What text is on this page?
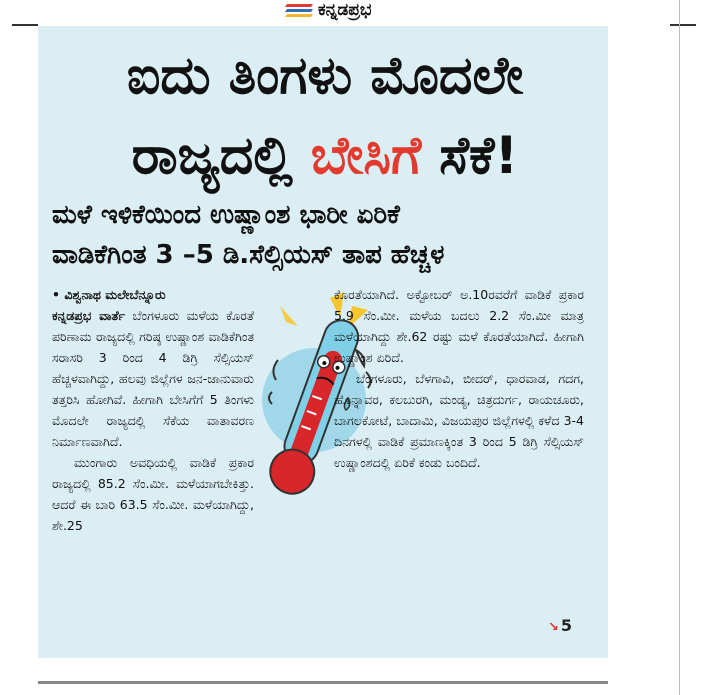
ಕನ್ನಡಪ್ರಭ
ಐದು ತಿಂಗಳು ಮೊದಲೇ
ರಾಜ್ಯದಲ್ಲಿ ಬೇಸಿಗೆ ಸೆಕೆ!
ಮಳೆ ಇಳಿಕೆಯಿಂದ ಉಷ್ಣಾಂಶ ಭಾರೀ ಏರಿಕೆ
ವಾಡಿಕೆಗಿಂತ 3 –5 ಡಿ.ಸೆಲ್ಸಿಯಸ್ ತಾಪ ಹೆಚ್ಚಳ

• ವಿಶ್ವನಾಥ ಮಲೇಬೆನ್ನೂರು

ಕನ್ನಡಪ್ರಭ ವಾರ್ತೆ ಬೆಂಗಳೂರು ಮಳೆಯ ಕೊರತೆ ಪರಿಣಾಮ ರಾಜ್ಯದಲ್ಲಿ ಗರಿಷ್ಠ ಉಷ್ಣಾಂಶ ವಾಡಿಕೆಗಿಂತ ಸರಾಸರಿ 3 ರಿಂದ 4 ಡಿಗ್ರಿ ಸೆಲ್ಸಿಯಸ್ ಹೆಚ್ಚಳವಾಗಿದ್ದು, ಹಲವು ಜಿಲ್ಲೆಗಳ ಜನ-ಜಾನುವಾರು ತತ್ತರಿಸಿ ಹೋಗಿವೆ. ಹೀಗಾಗಿ ಬೇಸಿಗೆಗೆ 5 ತಿಂಗಳು ಮೊದಲೇ ರಾಜ್ಯದಲ್ಲಿ ಸೆಕೆಯ ವಾತಾವರಣ ನಿರ್ಮಾಣವಾಗಿದೆ.

ಮುಂಗಾರು ಅವಧಿಯಲ್ಲಿ ವಾಡಿಕೆ ಪ್ರಕಾರ ರಾಜ್ಯದಲ್ಲಿ 85.2 ಸೆಂ.ಮೀ. ಮಳೆಯಾಗಬೇಕಿತ್ತು. ಆದರೆ ಈ ಬಾರಿ 63.5 ಸೆಂ.ಮೀ. ಮಳೆಯಾಗಿದ್ದು, ಶೇ.25

ಕೊರತೆಯಾಗಿದೆ. ಅಕ್ಟೋಬರ್ ಅ.10ರವರೆಗೆ ವಾಡಿಕೆ ಪ್ರಕಾರ 5.9 ಸೆಂ.ಮೀ. ಮಳೆಯ ಬದಲು 2.2 ಸೆಂ.ಮೀ ಮಾತ್ರ ಮಳೆಯಾಗಿದ್ದು ಶೇ.62 ರಷ್ಟು ಮಳೆ ಕೊರತೆಯಾಗಿದೆ. ಹೀಗಾಗಿ ಉಷ್ಣಾಂಶ ಏರಿದೆ.

ಬೆಂಗಳೂರು, ಬೆಳಗಾವಿ, ಬೀದರ್, ಧಾರವಾಡ, ಗದಗ, ಹೊನ್ನಾವರ, ಕಲಬುರಗಿ, ಮಂಡ್ಯ, ಚಿತ್ರದುರ್ಗ, ರಾಯಚೂರು, ಬಾಗಲಕೋಟೆ, ಬಾದಾಮಿ, ವಿಜಯಪುರ ಜಿಲ್ಲೆಗಳಲ್ಲಿ ಕಳೆದ 3-4 ದಿನಗಳಲ್ಲಿ ವಾಡಿಕೆ ಪ್ರಮಾಣಕ್ಕಿಂತ 3 ರಿಂದ 5 ಡಿಗ್ರಿ ಸೆಲ್ಸಿಯಸ್ ಉಷ್ಣಾಂಶದಲ್ಲಿ ಏರಿಕೆ ಕಂಡು ಬಂದಿದೆ.

↘ 5
